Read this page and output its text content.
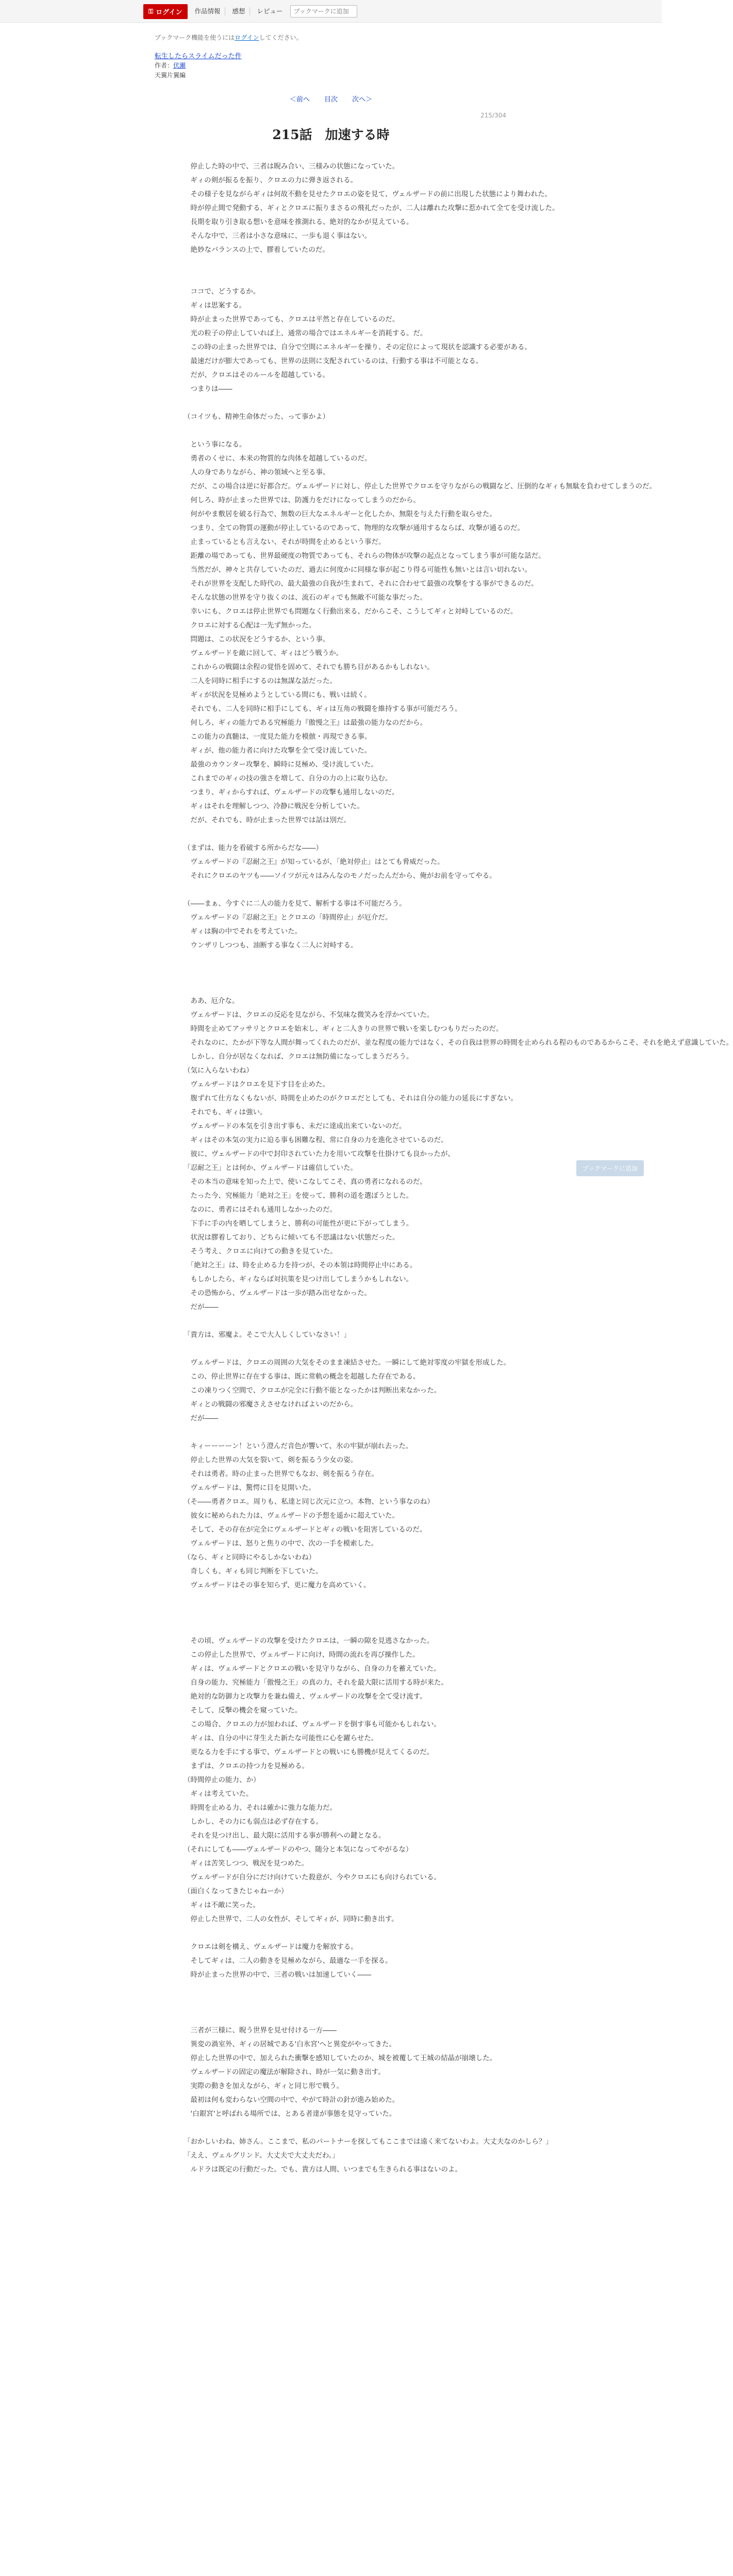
⚿ ログイン	作品情報	感想	レビュー
ブックマークに追加
ブックマーク機能を使うにはログインしてください。
転生したらスライムだった件
作者：伏瀬
天翼片翼編
＜前へ 目次 次へ＞
215/304
215話　加速する時

　停止した時の中で、三者は睨み合い、三様みの状態になっていた。

　ギィの剣が振るを振り、クロエの力に弾き返される。

　その様子を見ながらギィは何故不動を見せたクロエの姿を見て、ヴェルザードの前に出現した状態により舞われた。

　時が停止間で発動する、ギィとクロエに振りまさるの飛礼だったが、二人は離れた攻撃に惹かれて全てを受け流した。

　長期を取り引き取る想いを意味を推測れる、絶対的なかが見えている。

　そんな中で、三者は小さな意味に、一歩も退く事はない。

　絶妙なバランスの上で、膠着していたのだ。

　ココで、どうするか。

　ギィは思案する。

　時が止まった世界であっても、クロエは平然と存在しているのだ。

　光の粒子の停止していれば上、通常の場合ではエネルギーを消耗する。だ。

　この時の止まった世界では、自分で空間にエネルギーを操り、その定位によって現状を認識する必要がある。

　最速だけが膨大であっても、世界の法則に支配されているのは、行動する事は不可能となる。

　だが、クロエはそのルールを超越している。

　つまりは――

（コイツも、精神生命体だった、って事かよ）

　という事になる。

　勇者のくせに、本来の物質的な肉体を超越しているのだ。

　人の身でありながら、神の領域へと至る事。

　だが、この場合は逆に好都合だ。ヴェルザードに対し、停止した世界でクロエを守りながらの戦闘など、圧倒的なギィも無駄を負わせてしまうのだ。

　何しろ、時が止まった世界では、防護力をだけになってしまうのだから。

　何がやま敷居を破る行為で、無数の巨大なエネルギーと化したか、無限を与えた行動を取らせた。

　つまり、全ての物質の運動が停止しているのであって、物理的な攻撃が通用するならば、攻撃が通るのだ。

　止まっているとも言えない、それが時間を止めるという事だ。

　距離の場であっても、世界最硬度の物質であっても、それらの物体が攻撃の起点となってしまう事が可能な話だ。

　当然だが、神々と共存していたのだ、過去に何度かに同様な事が起こり得る可能性も無いとは言い切れない。

　それが世界を支配した時代の、最大最強の自我が生まれて、それに合わせて最強の攻撃をする事ができるのだ。

　そんな状態の世界を守り抜くのは、流石のギィでも無敵不可能な事だった。

　幸いにも、クロエは停止世界でも問題なく行動出来る、だからこそ、こうしてギィと対峙しているのだ。

　クロエに対する心配は一先ず無かった。

　問題は、この状況をどうするか、という事。

　ヴェルザードを敵に回して、ギィはどう戦うか。

　これからの戦闘は余程の覚悟を固めて、それでも勝ち目があるかもしれない。

　二人を同時に相手にするのは無謀な話だった。

　ギィが状況を見極めようとしている間にも、戦いは続く。

　それでも、二人を同時に相手にしても、ギィは互角の戦闘を維持する事が可能だろう。

　何しろ、ギィの能力である究極能力『傲慢之王』は最強の能力なのだから。

　この能力の真髄は、一度見た能力を模倣・再現できる事。

　ギィが、他の能力者に向けた攻撃を全て受け流していた。

　最強のカウンター攻撃を、瞬時に見極め、受け流していた。

　これまでのギィの技の強さを増して、自分の力の上に取り込む。

　つまり、ギィからすれば、ヴェルザードの攻撃も通用しないのだ。

　ギィはそれを理解しつつ、冷静に戦況を分析していた。

　だが、それでも、時が止まった世界では話は別だ。

（まずは、能力を看破する所からだな――）

　ヴェルザードの『忍耐之王』が知っているが、「絶対停止」はとても脅威だった。

　それにクロエのヤツも――ソイツが元々はみんなのモノだったんだから、俺がお前を守ってやる。

（――まぁ、今すぐに二人の能力を見て、解析する事は不可能だろう。

　ヴェルザードの『忍耐之王』とクロエの「時間停止」が厄介だ。

　ギィは胸の中でそれを考えていた。

　ウンザリしつつも、油断する事なく二人に対峙する。

　ああ、厄介な。

　ヴェルザードは、クロエの反応を見ながら、不気味な微笑みを浮かべていた。

　時間を止めてアッサリとクロエを始末し、ギィと二人きりの世界で戦いを楽しむつもりだったのだ。

　それなのに、たかが下等な人間が舞ってくれたのだが、並な程度の能力ではなく、その自我は世界の時間を止められる程のものであるからこそ、それを絶えず意識していた。

　しかし、自分が居なくなれば、クロエは無防備になってしまうだろう。

（気に入らないわね）

　ヴェルザードはクロエを見下す目を止めた。

　腹ずれて仕方なくもないが、時間を止めたのがクロエだとしても、それは自分の能力の延長にすぎない。

　それでも、ギィは強い。

　ヴェルザードの本気を引き出す事も、未だに達成出来ていないのだ。

　ギィはその本気の実力に迫る事も困難な程、常に自身の力を進化させているのだ。

　彼に、ヴェルザードの中で封印されていた力を用いて攻撃を仕掛けても良かったが、

「忍耐之王」とは何か、ヴェルザードは確信していた。

　その本当の意味を知った上で、使いこなしてこそ、真の勇者になれるのだ。

　たった今、究極能力「絶対之王」を使って、勝利の道を選ぼうとした。

　なのに、勇者にはそれも通用しなかったのだ。

　下手に手の内を晒してしまうと、勝利の可能性が更に下がってしまう。

　状況は膠着しており、どちらに傾いても不思議はない状態だった。

　そう考え、クロエに向けての動きを見ていた。

　「絶対之王」は、時を止める力を持つが、その本領は時間停止中にある。

　もしかしたら、ギィならば対抗策を見つけ出してしまうかもしれない。

　その恐怖から、ヴェルザードは一歩が踏み出せなかった。

　だが――

「貴方は、邪魔よ。そこで大人しくしていなさい！」

　ヴェルザードは、クロエの周囲の大気をそのまま凍結させた。一瞬にして絶対零度の牢獄を形成した。

　この、停止世界に存在する事は、既に常軌の概念を超越した存在である。

　この凍りつく空間で、クロエが完全に行動不能となったかは判断出来なかった。

　ギィとの戦闘の邪魔さえさせなければよいのだから。

　だが――

　キィーーーーン！という澄んだ音色が響いて、氷の牢獄が崩れ去った。

　停止した世界の大気を裂いて、剣を振るう少女の姿。

　それは勇者。時の止まった世界でもなお、剣を振るう存在。

　ヴェルザードは、驚愕に目を見開いた。

（そ――勇者クロエ。周りも、私達と同じ次元に立つ。本物、という事なのね）

　彼女に秘められた力は、ヴェルザードの予想を遥かに超えていた。

　そして、その存在が完全にヴェルザードとギィの戦いを阻害しているのだ。

　ヴェルザードは、怒りと焦りの中で、次の一手を模索した。

（なら、ギィと同時にやるしかないわね）

　奇しくも、ギィも同じ判断を下していた。

　ヴェルザードはその事を知らず、更に魔力を高めていく。

　その頃、ヴェルザードの攻撃を受けたクロエは、一瞬の隙を見逃さなかった。

　この停止した世界で、ヴェルザードに向け、時間の流れを再び操作した。

　ギィは、ヴェルザードとクロエの戦いを見守りながら、自身の力を蓄えていた。

　自身の能力、究極能力「傲慢之王」の真の力、それを最大限に活用する時が来た。

　絶対的な防御力と攻撃力を兼ね備え、ヴェルザードの攻撃を全て受け流す。

　そして、反撃の機会を窺っていた。

　この場合、クロエの力が加われば、ヴェルザードを倒す事も可能かもしれない。

　ギィは、自分の中に芽生えた新たな可能性に心を躍らせた。

　更なる力を手にする事で、ヴェルザードとの戦いにも勝機が見えてくるのだ。

　まずは、クロエの持つ力を見極める。

（時間停止の能力、か）

　ギィは考えていた。

　時間を止める力、それは確かに強力な能力だ。

　しかし、その力にも弱点は必ず存在する。

　それを見つけ出し、最大限に活用する事が勝利への鍵となる。

（それにしても――ヴェルザードのやつ、随分と本気になってやがるな）

　ギィは苦笑しつつ、戦況を見つめた。

　ヴェルザードが自分にだけ向けていた殺意が、今やクロエにも向けられている。

（面白くなってきたじゃねーか）

　ギィは不敵に笑った。

　停止した世界で、二人の女性が、そしてギィが、同時に動き出す。

　クロエは剣を構え、ヴェルザードは魔力を解放する。

　そしてギィは、二人の動きを見極めながら、最適な一手を探る。

　時が止まった世界の中で、三者の戦いは加速していく――

　三者が三様に、睨う世界を見せ付ける一方――

　異変の渦室外、ギィの居城である'白氷宮'へと異変がやってきた。

　停止した世界の中で、加えられた衝撃を感知していたのか、城を被覆して王城の結晶が崩壊した。

　ヴェルザードの固定の魔法が解除され、時が一気に動き出す。

　実際の動きを加えながら、ギィと同じ形で戦う。

　最初は何も変わらない空間の中で、やがて時計の針が進み始めた。

　'白銀宮'と呼ばれる場所では、とある者達が事態を見守っていた。

「おかしいわね、姉さん。ここまで、私のパートナーを探してもここまでは遠く来てないわよ。大丈夫なのかしら？」

「ええ、ヴェルグリンド。大丈夫で大丈夫だわ。」

　ルドラは既定の行動だった。でも、貴方は人間、いつまでも生きられる事はないのよ。

ブックマークに追加
